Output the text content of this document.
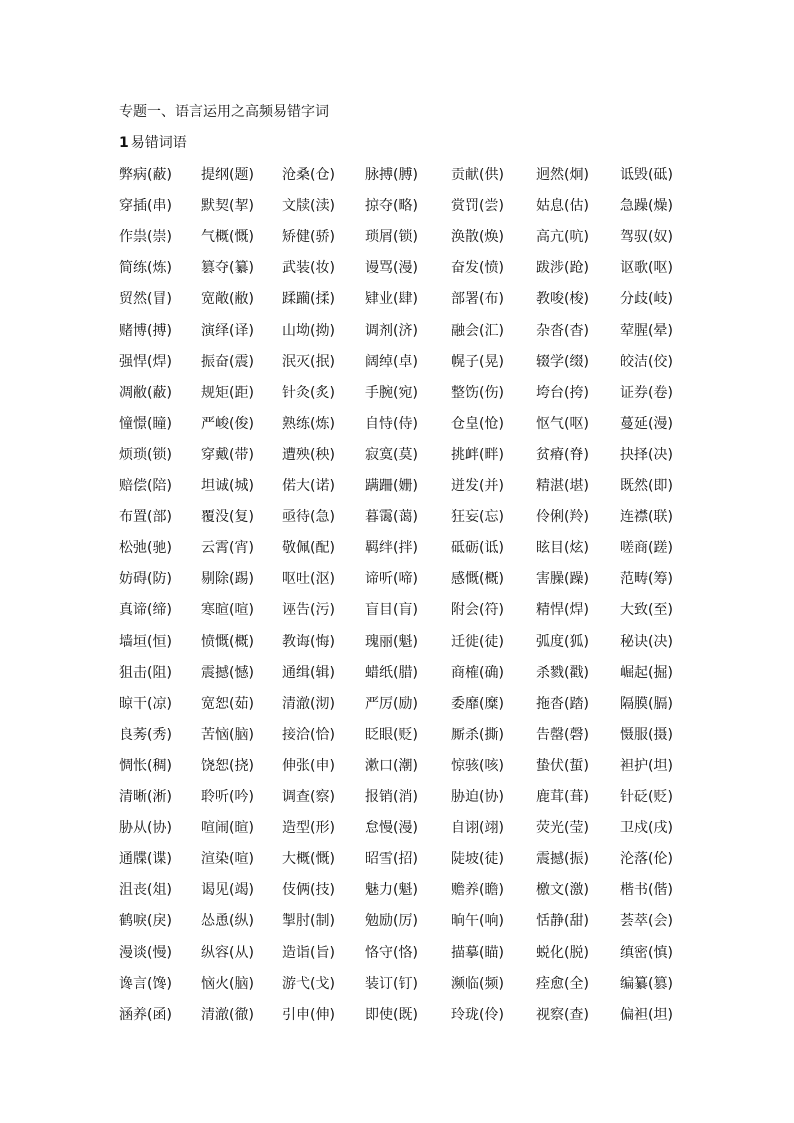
专题一、语言运用之高频易错字词
1 易错词语
弊病(蔽) 提纲(题) 沧桑(仓) 脉搏(膊) 贡献(供) 迥然(炯) 诋毁(砥)
穿插(串) 默契(挈) 文牍(渎) 掠夺(略) 赏罚(尝) 姑息(估) 急躁(燥)
作祟(崇) 气概(慨) 矫健(骄) 琐屑(锁) 涣散(焕) 高亢(吭) 驾驭(奴)
简练(炼) 篡夺(纂) 武装(妆) 谩骂(漫) 奋发(愤) 跋涉(跄) 讴歌(呕)
贸然(冒) 宽敞(敝) 蹂躏(揉) 肄业(肆) 部署(布) 教唆(梭) 分歧(岐)
赌博(搏) 演绎(译) 山坳(拗) 调剂(济) 融会(汇) 杂沓(杳) 荤腥(晕)
强悍(焊) 振奋(震) 泯灭(抿) 阔绰(卓) 幌子(晃) 辍学(缀) 皎洁(佼)
凋敝(蔽) 规矩(距) 针灸(炙) 手腕(宛) 整饬(伤) 垮台(挎) 证券(卷)
憧憬(瞳) 严峻(俊) 熟练(炼) 自恃(侍) 仓皇(怆) 怄气(呕) 蔓延(漫)
烦琐(锁) 穿戴(带) 遭殃(秧) 寂寞(莫) 挑衅(畔) 贫瘠(脊) 抉择(决)
赔偿(陪) 坦诚(城) 偌大(诺) 蹒跚(姗) 迸发(并) 精湛(堪) 既然(即)
布置(部) 覆没(复) 亟待(急) 暮霭(蔼) 狂妄(忘) 伶俐(羚) 连襟(联)
松弛(驰) 云霄(宵) 敬佩(配) 羁绊(拌) 砥砺(诋) 眩目(炫) 嗟商(蹉)
妨碍(防) 剔除(踢) 呕吐(沤) 谛听(啼) 感慨(概) 害臊(躁) 范畴(筹)
真谛(缔) 寒暄(喧) 诬告(污) 盲目(肓) 附会(符) 精悍(焊) 大致(至)
墙垣(恒) 愤慨(概) 教诲(悔) 瑰丽(魁) 迁徙(徒) 弧度(狐) 秘诀(决)
狙击(阻) 震撼(憾) 通缉(辑) 蜡纸(腊) 商榷(确) 杀戮(戳) 崛起(掘)
晾干(凉) 宽恕(茹) 清澈(沏) 严厉(励) 委靡(糜) 拖沓(踏) 隔膜(膈)
良莠(秀) 苦恼(脑) 接洽(恰) 眨眼(贬) 厮杀(撕) 告罄(磬) 慑服(摄)
惆怅(稠) 饶恕(挠) 伸张(申) 漱口(潮) 惊骇(咳) 蛰伏(蜇) 袒护(坦)
清晰(淅) 聆听(吟) 调查(察) 报销(消) 胁迫(协) 鹿茸(葺) 针砭(贬)
胁从(协) 喧闹(暄) 造型(形) 怠慢(漫) 自诩(翊) 荧光(莹) 卫戍(戌)
通牒(谍) 渲染(喧) 大概(慨) 昭雪(招) 陡坡(徒) 震撼(振) 沦落(伦)
沮丧(俎) 谒见(竭) 伎俩(技) 魅力(魁) 赡养(瞻) 檄文(激) 楷书(偕)
鹤唳(戾) 怂恿(纵) 掣肘(制) 勉励(厉) 晌午(响) 恬静(甜) 荟萃(会)
漫谈(慢) 纵容(从) 造诣(旨) 恪守(恪) 描摹(瞄) 蜕化(脱) 缜密(慎)
谗言(馋) 恼火(脑) 游弋(戈) 装订(钉) 濒临(频) 痊愈(全) 编纂(篡)
涵养(函) 清澈(徹) 引申(伸) 即使(既) 玲珑(伶) 视察(查) 偏袒(坦)
